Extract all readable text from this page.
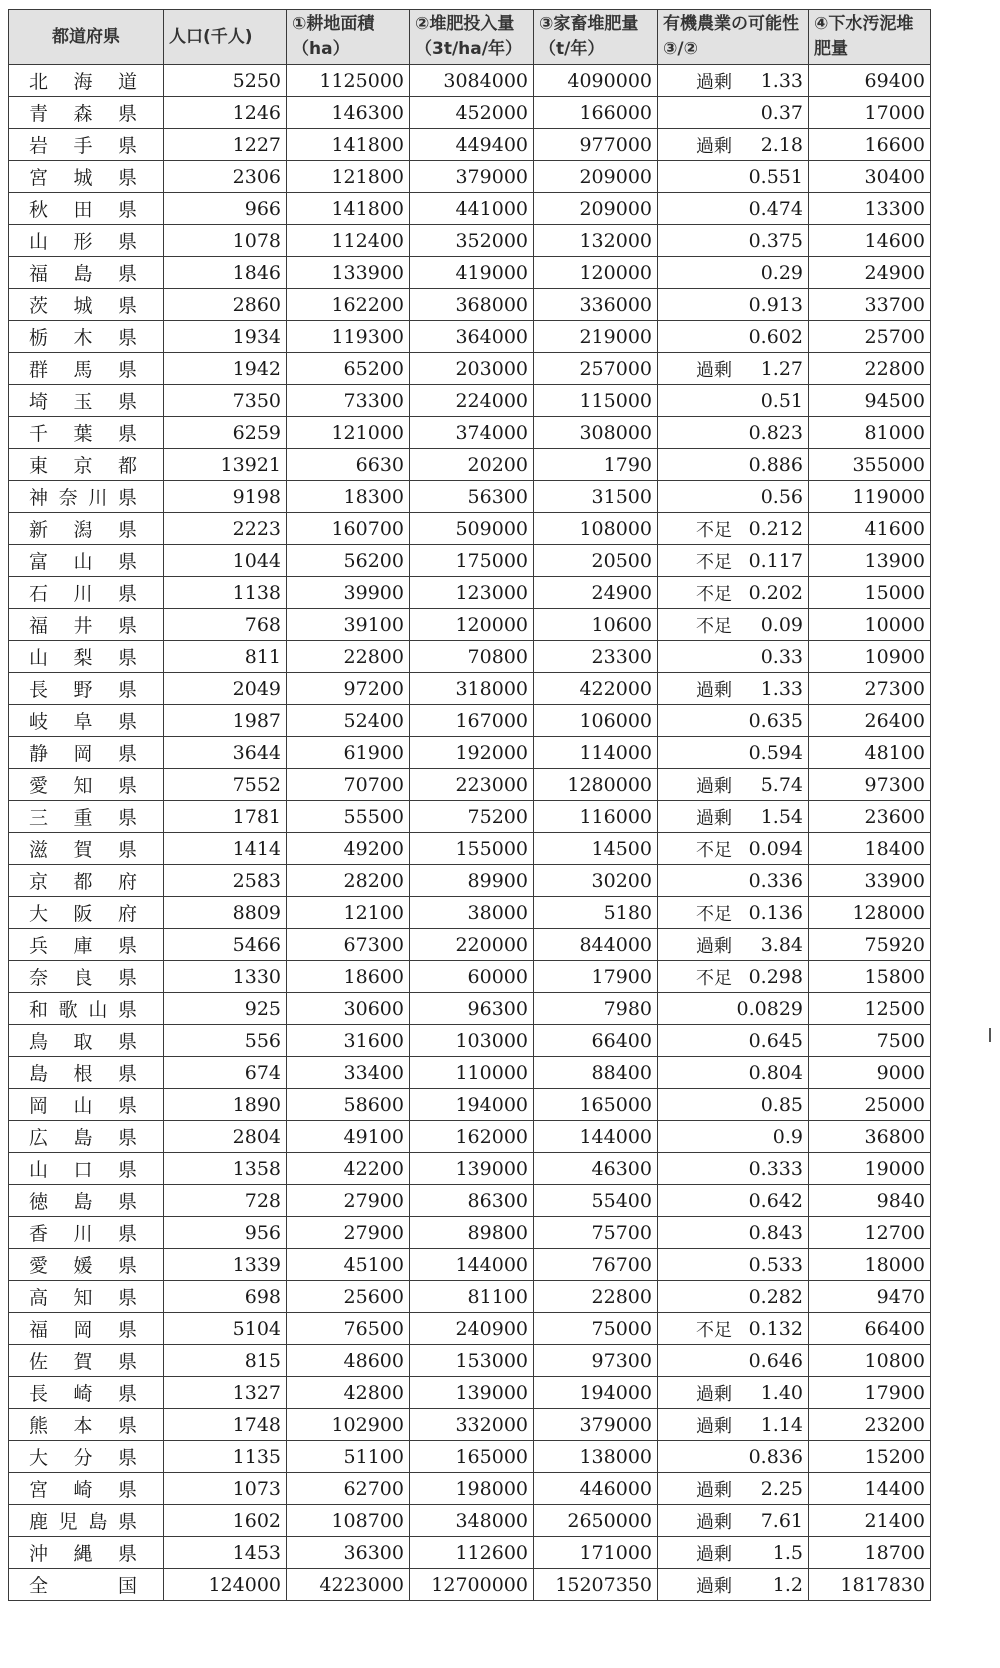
都道府県	人口(千人)	①耕地面積（ha）	②堆肥投入量（3t/ha/年）	③家畜堆肥量（t/年）	有機農業の可能性③/②	④下水汚泥堆肥量
北海道	5250	1125000	3084000	4090000	過剰 1.33	69400
青森県	1246	146300	452000	166000	0.37	17000
岩手県	1227	141800	449400	977000	過剰 2.18	16600
宮城県	2306	121800	379000	209000	0.551	30400
秋田県	966	141800	441000	209000	0.474	13300
山形県	1078	112400	352000	132000	0.375	14600
福島県	1846	133900	419000	120000	0.29	24900
茨城県	2860	162200	368000	336000	0.913	33700
栃木県	1934	119300	364000	219000	0.602	25700
群馬県	1942	65200	203000	257000	過剰 1.27	22800
埼玉県	7350	73300	224000	115000	0.51	94500
千葉県	6259	121000	374000	308000	0.823	81000
東京都	13921	6630	20200	1790	0.886	355000
神奈川県	9198	18300	56300	31500	0.56	119000
新潟県	2223	160700	509000	108000	不足 0.212	41600
富山県	1044	56200	175000	20500	不足 0.117	13900
石川県	1138	39900	123000	24900	不足 0.202	15000
福井県	768	39100	120000	10600	不足 0.09	10000
山梨県	811	22800	70800	23300	0.33	10900
長野県	2049	97200	318000	422000	過剰 1.33	27300
岐阜県	1987	52400	167000	106000	0.635	26400
静岡県	3644	61900	192000	114000	0.594	48100
愛知県	7552	70700	223000	1280000	過剰 5.74	97300
三重県	1781	55500	75200	116000	過剰 1.54	23600
滋賀県	1414	49200	155000	14500	不足 0.094	18400
京都府	2583	28200	89900	30200	0.336	33900
大阪府	8809	12100	38000	5180	不足 0.136	128000
兵庫県	5466	67300	220000	844000	過剰 3.84	75920
奈良県	1330	18600	60000	17900	不足 0.298	15800
和歌山県	925	30600	96300	7980	0.0829	12500
鳥取県	556	31600	103000	66400	0.645	7500
島根県	674	33400	110000	88400	0.804	9000
岡山県	1890	58600	194000	165000	0.85	25000
広島県	2804	49100	162000	144000	0.9	36800
山口県	1358	42200	139000	46300	0.333	19000
徳島県	728	27900	86300	55400	0.642	9840
香川県	956	27900	89800	75700	0.843	12700
愛媛県	1339	45100	144000	76700	0.533	18000
高知県	698	25600	81100	22800	0.282	9470
福岡県	5104	76500	240900	75000	不足 0.132	66400
佐賀県	815	48600	153000	97300	0.646	10800
長崎県	1327	42800	139000	194000	過剰 1.40	17900
熊本県	1748	102900	332000	379000	過剰 1.14	23200
大分県	1135	51100	165000	138000	0.836	15200
宮崎県	1073	62700	198000	446000	過剰 2.25	14400
鹿児島県	1602	108700	348000	2650000	過剰 7.61	21400
沖縄県	1453	36300	112600	171000	過剰 1.5	18700
全国	124000	4223000	12700000	15207350	過剰 1.2	1817830
